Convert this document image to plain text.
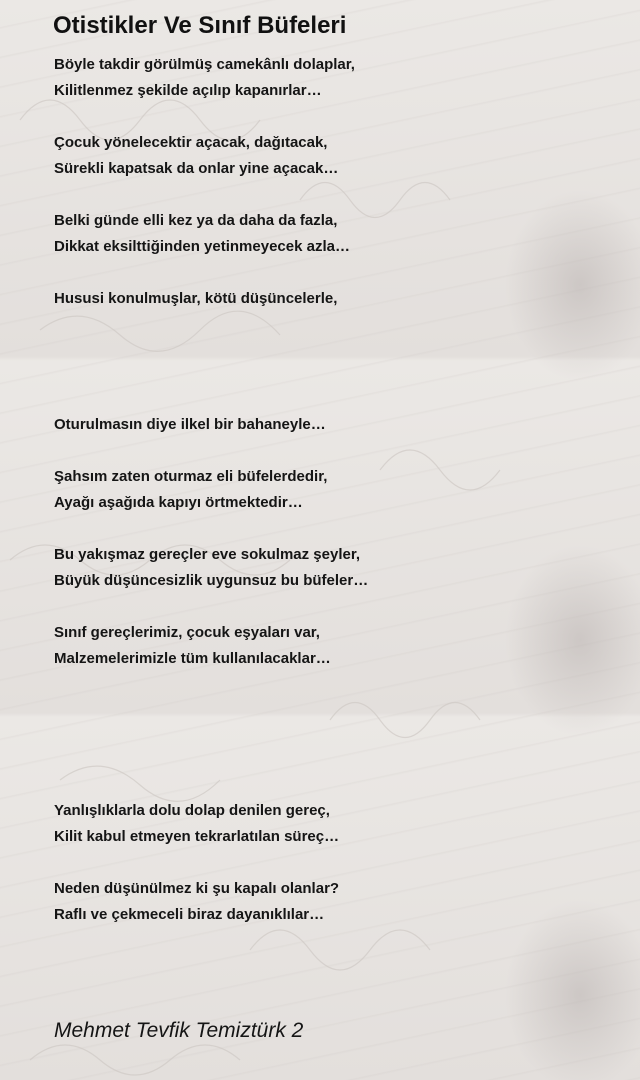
Otistikler Ve Sınıf Büfeleri
Böyle takdir görülmüş camekânlı dolaplar,
Kilitlenmez şekilde açılıp kapanırlar…
Çocuk yönelecektir açacak, dağıtacak,
Sürekli kapatsak da onlar yine açacak…
Belki günde elli kez ya da daha da fazla,
Dikkat eksilttiğinden yetinmeyecek azla…
Hususi konulmuşlar, kötü düşüncelerle,
Oturulmasın diye ilkel bir bahaneyle…
Şahsım zaten oturmaz eli büfelerdedir,
Ayağı aşağıda kapıyı örtmektedir…
Bu yakışmaz gereçler eve sokulmaz şeyler,
Büyük düşüncesizlik uygunsuz bu büfeler…
Sınıf gereçlerimiz, çocuk eşyaları var,
Malzemelerimizle tüm kullanılacaklar…
Yanlışlıklarla dolu dolap denilen gereç,
Kilit kabul etmeyen tekrarlatılan süreç…
Neden düşünülmez ki şu kapalı olanlar?
Raflı ve çekmeceli biraz dayanıklılar…

Mehmet Tevfik Temiztürk 2
